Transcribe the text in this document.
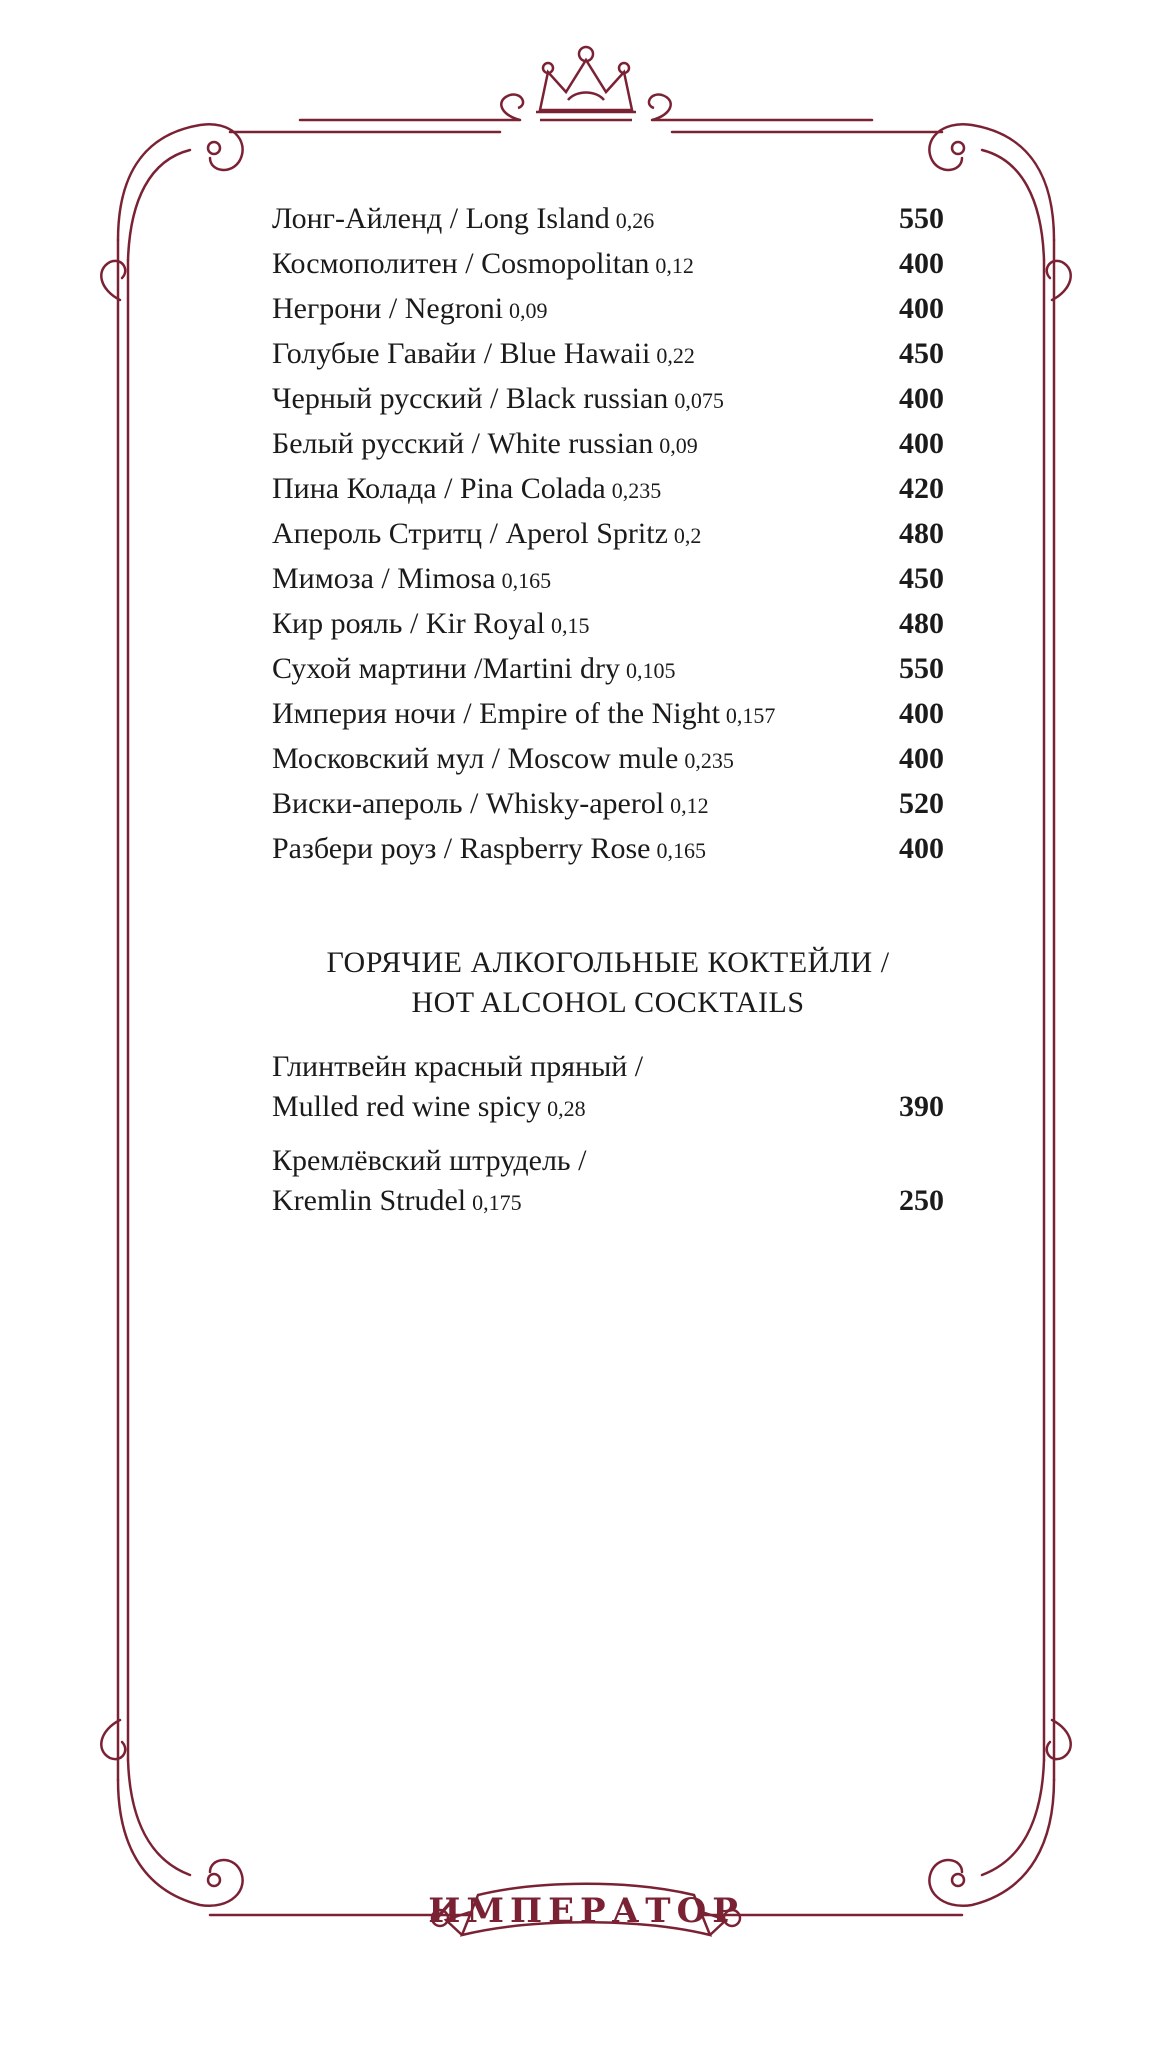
ИМПЕРАТОР
Лонг-Айленд / Long Island 0,26	550
Космополитен / Cosmopolitan 0,12	400
Негрони / Negroni 0,09	400
Голубые Гавайи / Blue Hawaii 0,22	450
Черный русский / Black russian 0,075	400
Белый русский / White russian 0,09	400
Пина Колада / Pina Colada 0,235	420
Апероль Стритц / Aperol Spritz 0,2	480
Мимоза / Mimosa 0,165	450
Кир рояль / Kir Royal 0,15	480
Сухой мартини /Martini dry 0,105	550
Империя ночи / Empire of the Night 0,157	400
Московский мул / Moscow mule 0,235	400
Виски-апероль / Whisky-aperol 0,12	520
Разбери роуз / Raspberry Rose 0,165	400
ГОРЯЧИЕ АЛКОГОЛЬНЫЕ КОКТЕЙЛИ /
HOT ALCOHOL COCKTAILS
Глинтвейн красный пряный /
Mulled red wine spicy 0,28	390
Кремлёвский штрудель /
Kremlin Strudel 0,175	250
